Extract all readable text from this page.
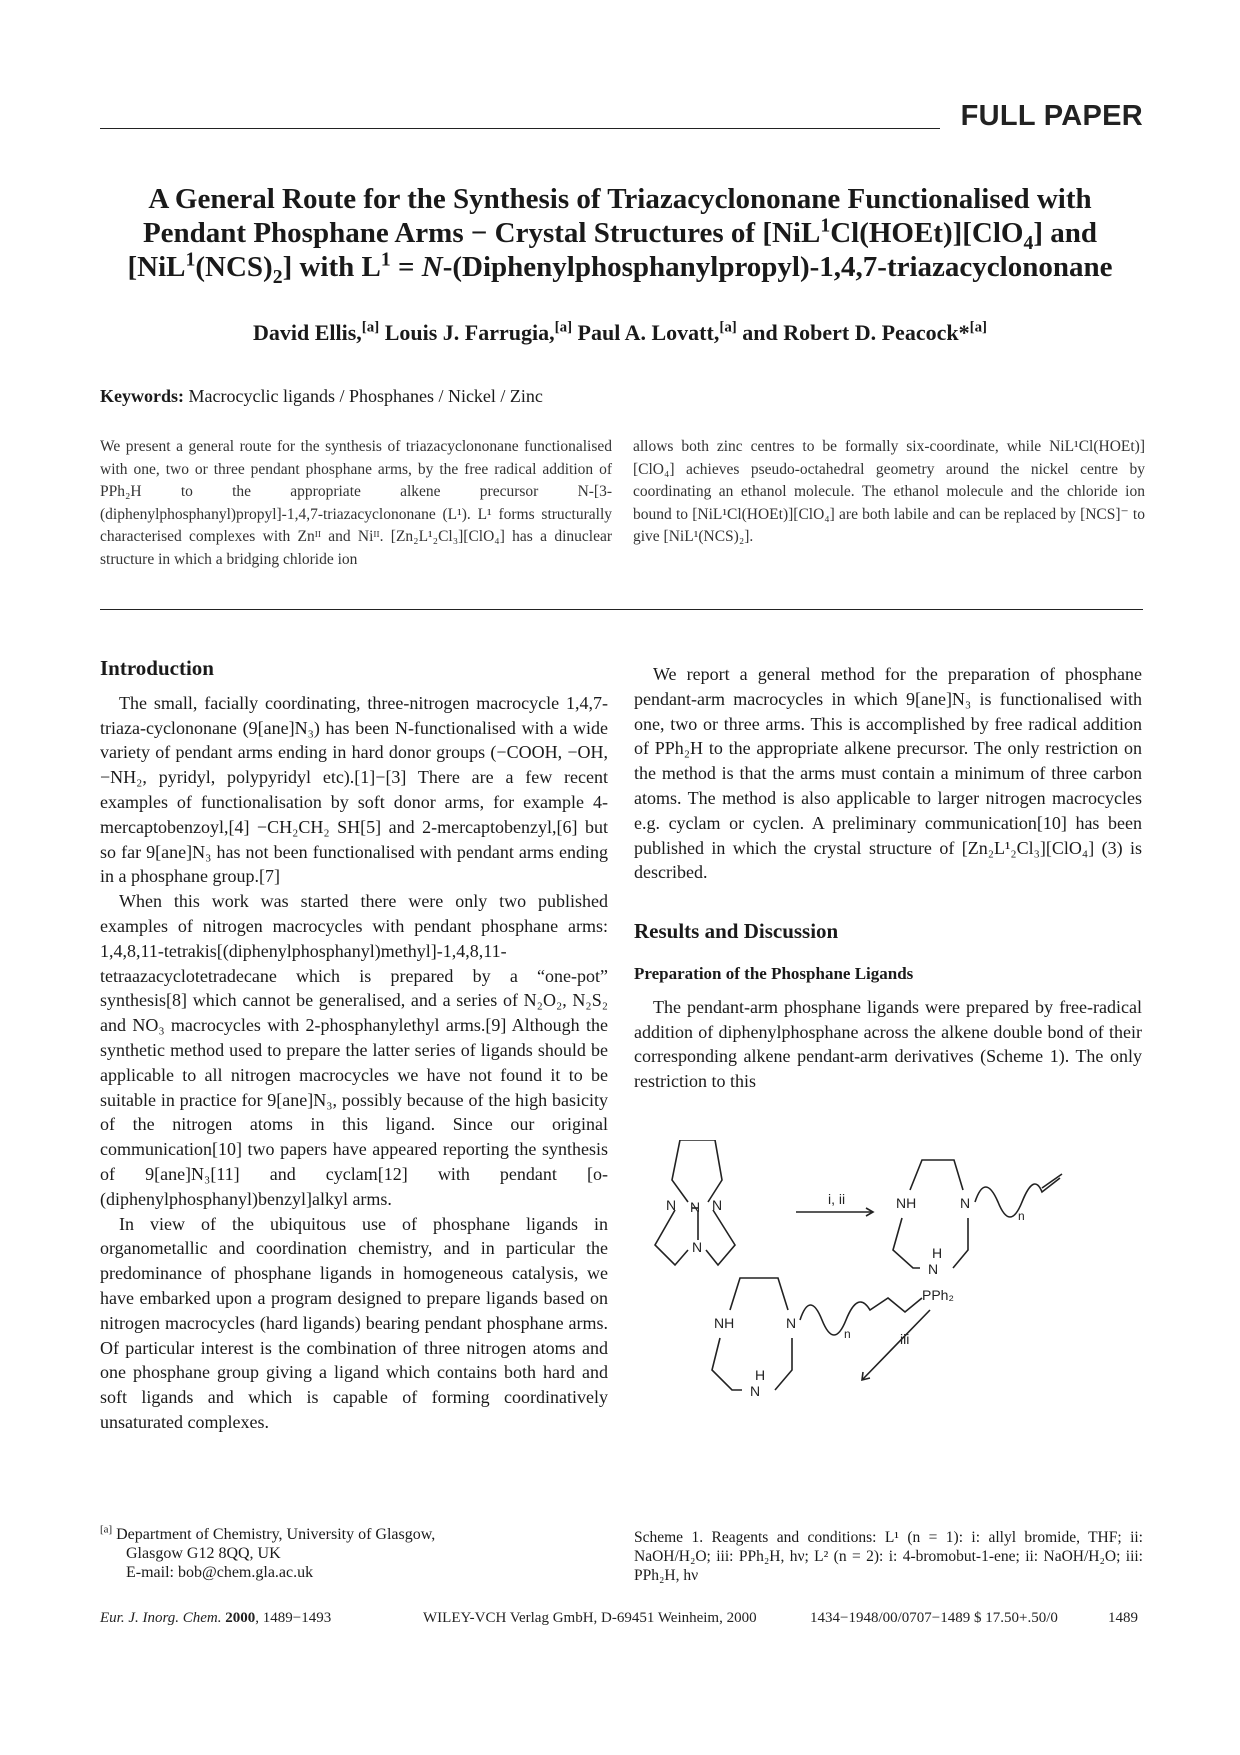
FULL PAPER
A General Route for the Synthesis of Triazacyclononane Functionalised with
Pendant Phosphane Arms − Crystal Structures of [NiL$^1$Cl(HOEt)][ClO$_4$] and
$[NiL^1(NCS)_2]$ with $L^1$ = N-(Diphenylphosphanylpropyl)-1,4,7-triazacyclononane
David Ellis,[a] Louis J. Farrugia,[a] Paul A. Lovatt,[a] and Robert D. Peacock*[a]
Keywords: Macrocyclic ligands / Phosphanes / Nickel / Zinc
We present a general route for the synthesis of triazacyclononane functionalised with one, two or three pendant phosphane arms, by the free radical addition of PPh₂H to the appropriate alkene precursor N-[3-(diphenylphosphanyl)propyl]-1,4,7-triazacyclononane (L¹). L¹ forms structurally characterised complexes with Znᴵᴵ and Niᴵᴵ. [Zn₂L¹₂Cl₃][ClO₄] has a dinuclear structure in which a bridging chloride ion
allows both zinc centres to be formally six-coordinate, while NiL¹Cl(HOEt)][ClO₄] achieves pseudo-octahedral geometry around the nickel centre by coordinating an ethanol molecule. The ethanol molecule and the chloride ion bound to [NiL¹Cl(HOEt)][ClO₄] are both labile and can be replaced by [NCS]⁻ to give [NiL¹(NCS)₂].
Introduction

The small, facially coordinating, three-nitrogen macrocycle 1,4,7-triaza-cyclononane (9[ane]N₃) has been N-functionalised with a wide variety of pendant arms ending in hard donor groups (−COOH, −OH, −NH₂, pyridyl, polypyridyl etc).[1]−[3] There are a few recent examples of functionalisation by soft donor arms, for example 4-mercaptobenzoyl,[4] −CH₂CH₂ SH[5] and 2-mercaptobenzyl,[6] but so far 9[ane]N₃ has not been functionalised with pendant arms ending in a phosphane group.[7]

When this work was started there were only two published examples of nitrogen macrocycles with pendant phosphane arms: 1,4,8,11-tetrakis[(diphenylphosphanyl)methyl]-1,4,8,11-tetraazacyclotetradecane which is prepared by a “one-pot” synthesis[8] which cannot be generalised, and a series of N₂O₂, N₂S₂ and NO₃ macrocycles with 2-phosphanylethyl arms.[9] Although the synthetic method used to prepare the latter series of ligands should be applicable to all nitrogen macrocycles we have not found it to be suitable in practice for 9[ane]N₃, possibly because of the high basicity of the nitrogen atoms in this ligand. Since our original communication[10] two papers have appeared reporting the synthesis of 9[ane]N₃[11] and cyclam[12] with pendant [o-(diphenylphosphanyl)benzyl]alkyl arms.

In view of the ubiquitous use of phosphane ligands in organometallic and coordination chemistry, and in particular the predominance of phosphane ligands in homogeneous catalysis, we have embarked upon a program designed to prepare ligands based on nitrogen macrocycles (hard ligands) bearing pendant phosphane arms. Of particular interest is the combination of three nitrogen atoms and one phosphane group giving a ligand which contains both hard and soft ligands and which is capable of forming coordinatively unsaturated complexes.

We report a general method for the preparation of phosphane pendant-arm macrocycles in which 9[ane]N₃ is functionalised with one, two or three arms. This is accomplished by free radical addition of PPh₂H to the appropriate alkene precursor. The only restriction on the method is that the arms must contain a minimum of three carbon atoms. The method is also applicable to larger nitrogen macrocycles e.g. cyclam or cyclen. A preliminary communication[10] has been published in which the crystal structure of [Zn₂L¹₂Cl₃][ClO₄] (3) is described.

Results and Discussion
Preparation of the Phosphane Ligands

The pendant-arm phosphane ligands were prepared by free-radical addition of diphenylphosphane across the alkene double bond of their corresponding alkene pendant-arm derivatives (Scheme 1). The only restriction to this

N
N	N
N
i, ii	NH	N
H
N
n
iii
NH	N
H
N
n
PPh₂
Scheme 1. Reagents and conditions: L¹ (n = 1): i: allyl bromide, THF; ii: NaOH/H₂O; iii: PPh₂H, hν; L² (n = 2): i: 4-bromobut-1-ene; ii: NaOH/H₂O; iii: PPh₂H, hν
[a] Department of Chemistry, University of Glasgow,
Glasgow G12 8QQ, UK
E-mail: bob@chem.gla.ac.uk
Eur. J. Inorg. Chem. 2000, 1489−1493	WILEY-VCH Verlag GmbH, D-69451 Weinheim, 2000	1434−1948/00/0707−1489 $ 17.50+.50/0	1489
